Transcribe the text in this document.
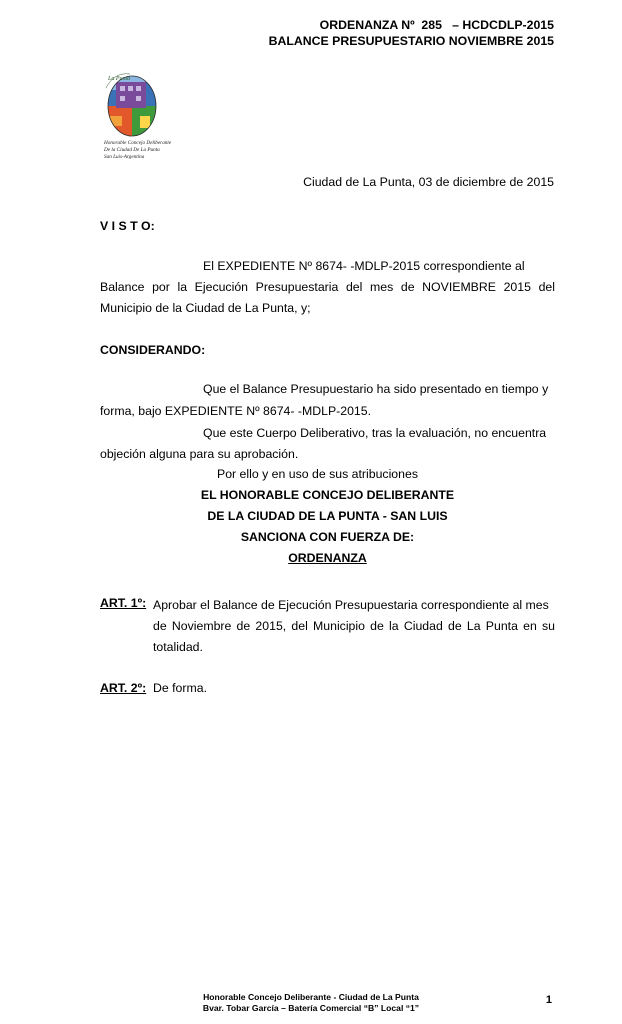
ORDENANZA Nº  285   – HCDCDLP-2015
BALANCE PRESUPUESTARIO NOVIEMBRE 2015
La Punta
Honorable Concejo Deliberante
De la Ciudad De La Punta
San Luis-Argentina
Ciudad de La Punta, 03 de diciembre de 2015
V I S T O:
El EXPEDIENTE Nº 8674- -MDLP-2015 correspondiente al
Balance por la Ejecución Presupuestaria del mes de NOVIEMBRE 2015 del Municipio de la Ciudad de La Punta, y;
CONSIDERANDO:
Que el Balance Presupuestario ha sido presentado en tiempo y
forma, bajo EXPEDIENTE Nº 8674- -MDLP-2015.
Que este Cuerpo Deliberativo, tras la evaluación, no encuentra
objeción alguna para su aprobación.
Por ello y en uso de sus atribuciones
EL HONORABLE CONCEJO DELIBERANTE
DE LA CIUDAD DE LA PUNTA - SAN LUIS
SANCIONA CON FUERZA DE:
ORDENANZA
ART. 1º: Aprobar el Balance de Ejecución Presupuestaria correspondiente al mes
de Noviembre de 2015, del Municipio de la Ciudad de La Punta en su totalidad.
ART. 2º: De forma.
Honorable Concejo Deliberante - Ciudad de La Punta
Bvar. Tobar García – Batería Comercial “B” Local “1”
1
